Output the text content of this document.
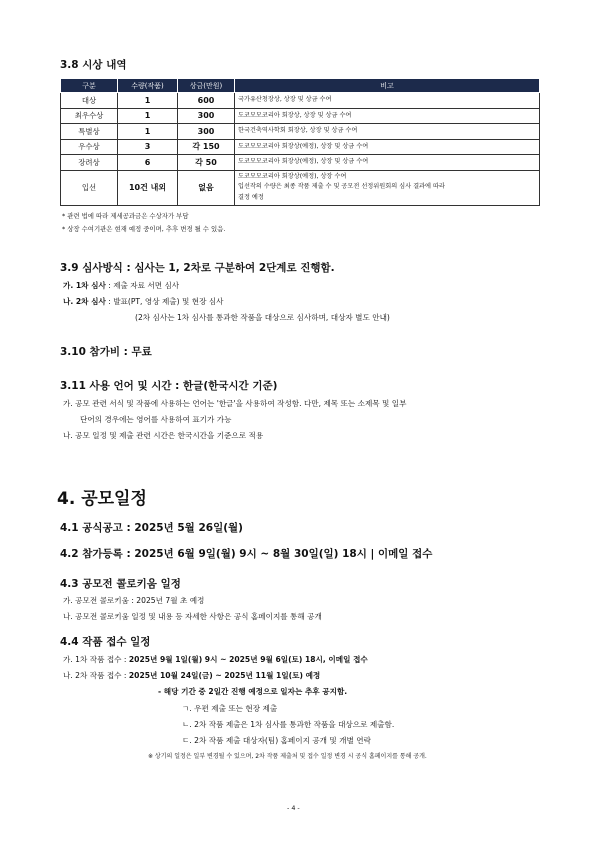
3.8 시상 내역
구분	수량(작품)	상금(만원)	비고
대상	1	600	국가유산청장상, 상장 및 상금 수여
최우수상	1	300	도코모모코리아 회장상, 상장 및 상금 수여
특별상	1	300	한국건축역사학회 회장상, 상장 및 상금 수여
우수상	3	각 150	도코모모코리아 회장상(예정), 상장 및 상금 수여
장려상	6	각 50	도코모모코리아 회장상(예정), 상장 및 상금 수여
입선	10건 내외	없음	도코모모코리아 회장상(예정), 상장 수여
입선작의 수량은 최종 작품 제출 수 및 공모전 선정위원회의 심사 결과에 따라
결정 예정
* 관련 법에 따라 제세공과금은 수상자가 부담
* 상장 수여기관은 현재 예정 중이며, 추후 변경 될 수 있음.
3.9 심사방식 : 심사는 1, 2차로 구분하여 2단계로 진행함.
가. 1차 심사 : 제출 자료 서면 심사
나. 2차 심사 : 발표(PT, 영상 제출) 및 현장 심사
(2차 심사는 1차 심사를 통과한 작품을 대상으로 심사하며, 대상자 별도 안내)
3.10 참가비 : 무료
3.11 사용 언어 및 시간 : 한글(한국시간 기준)
가. 공모 관련 서식 및 작품에 사용하는 언어는 '한글'을 사용하여 작성함. 다만, 제목 또는 소제목 및 일부
단어의 경우에는 영어를 사용하여 표기가 가능
나. 공모 일정 및 제출 관련 시간은 한국시간을 기준으로 적용
4. 공모일정
4.1 공식공고 : 2025년 5월 26일(월)
4.2 참가등록 : 2025년 6월 9일(월) 9시 ~ 8월 30일(일) 18시 | 이메일 접수
4.3 공모전 콜로키움 일정
가. 공모전 콜로키움 : 2025년 7월 초 예정
나. 공모전 콜로키움 일정 및 내용 등 자세한 사항은 공식 홈페이지를 통해 공개
4.4 작품 접수 일정
가. 1차 작품 접수 : 2025년 9월 1일(월) 9시 ~ 2025년 9월 6일(토) 18시, 이메일 접수
나. 2차 작품 접수 : 2025년 10월 24일(금) ~ 2025년 11월 1일(토) 예정
- 해당 기간 중 2일간 진행 예정으로 일자는 추후 공지함.
ㄱ. 우편 제출 또는 현장 제출
ㄴ. 2차 작품 제출은 1차 심사를 통과한 작품을 대상으로 제출함.
ㄷ. 2차 작품 제출 대상자(팀) 홈페이지 공개 및 개별 연락
※ 상기의 일정은 일부 변경될 수 있으며, 2차 작품 제출처 및 접수 일정 변경 시 공식 홈페이지를 통해 공개.
- 4 -
